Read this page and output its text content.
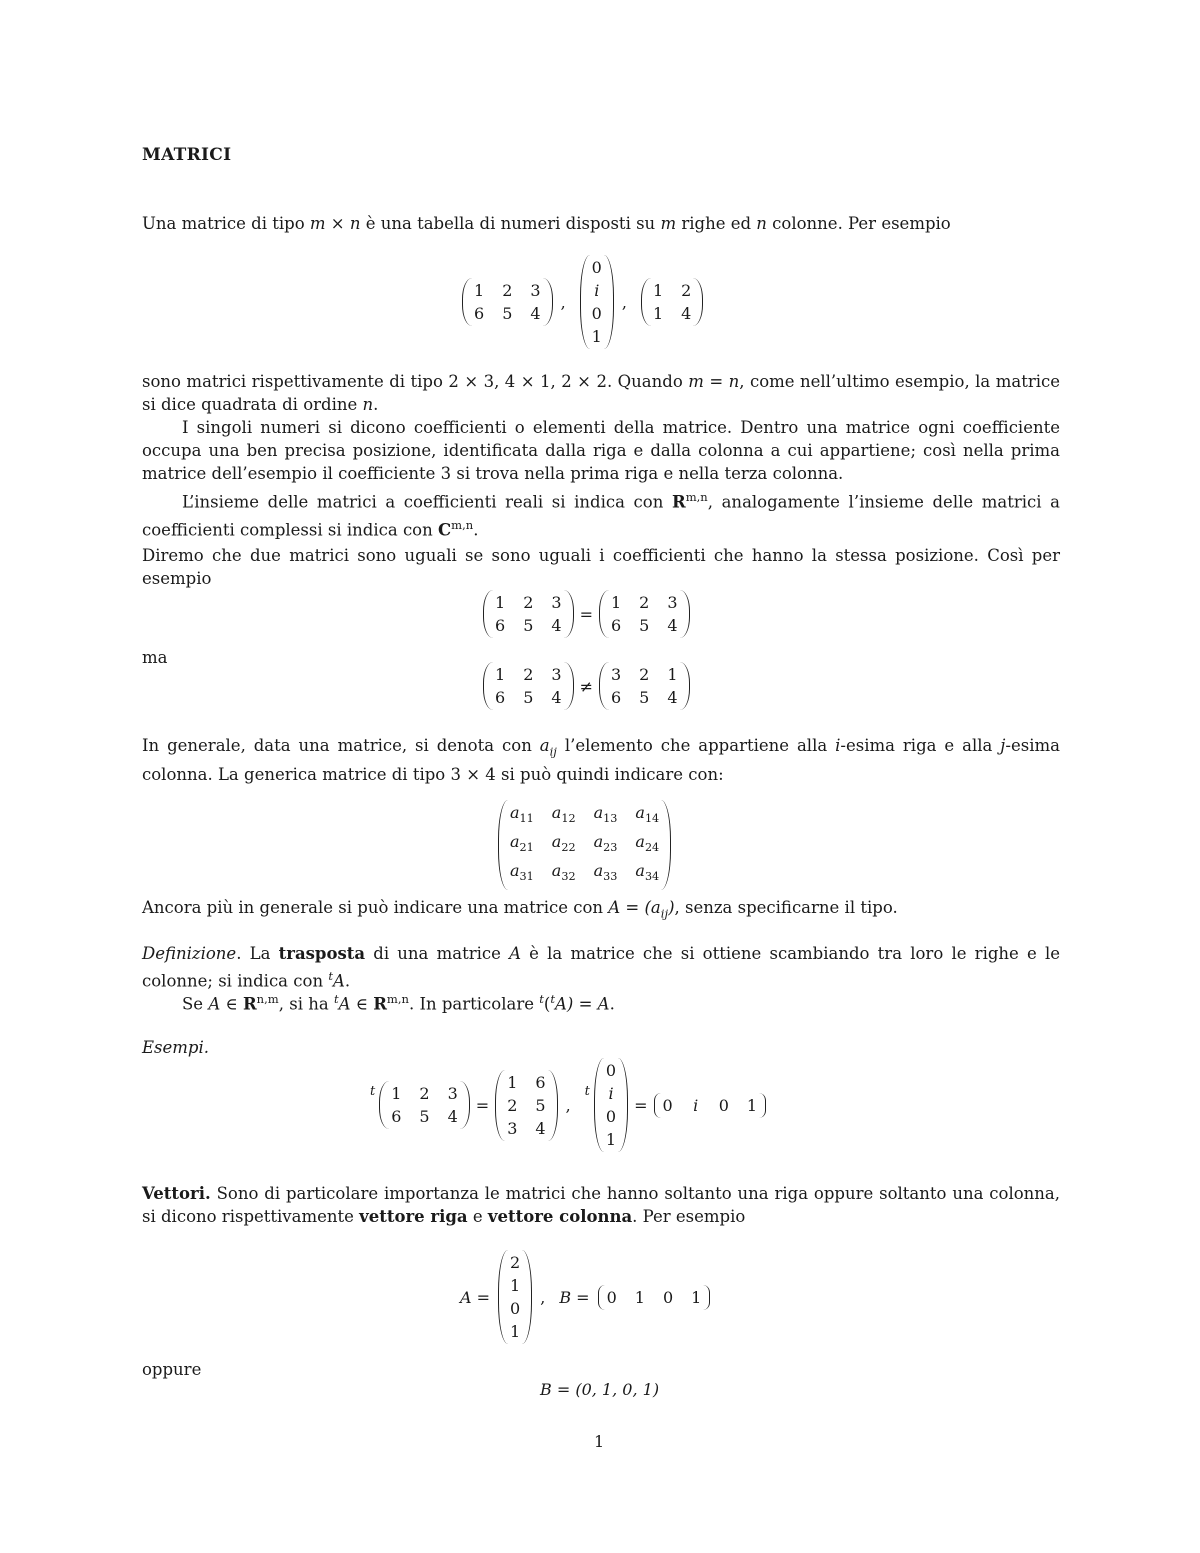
MATRICI
Una matrice di tipo m × n è una tabella di numeri disposti su m righe ed n colonne. Per esempio
1 2 3
6 5 4
,
0
i
0
1
,
1 2
1 4
sono matrici rispettivamente di tipo 2 × 3, 4 × 1, 2 × 2. Quando m = n, come nell’ultimo esempio, la matrice si dice quadrata di ordine n.
I singoli numeri si dicono coefficienti o elementi della matrice. Dentro una matrice ogni coefficiente occupa una ben precisa posizione, identificata dalla riga e dalla colonna a cui appartiene; così nella prima matrice dell’esempio il coefficiente 3 si trova nella prima riga e nella terza colonna.
L’insieme delle matrici a coefficienti reali si indica con R$^{m,n}$, analogamente l’insieme delle matrici a coefficienti complessi si indica con C$^{m,n}$.
Diremo che due matrici sono uguali se sono uguali i coefficienti che hanno la stessa posizione. Così per esempio
1 2 3
6 5 4
=
1 2 3
6 5 4
ma
1 2 3
6 5 4
≠
3 2 1
6 5 4
In generale, data una matrice, si denota con $a_{ij}$ l’elemento che appartiene alla i-esima riga e alla j-esima colonna. La generica matrice di tipo 3 × 4 si può quindi indicare con:
$a_{11}$ $a_{12}$ $a_{13}$ $a_{14}$
$a_{21}$ $a_{22}$ $a_{23}$ $a_{24}$
$a_{31}$ $a_{32}$ $a_{33}$ $a_{34}$
Ancora più in generale si può indicare una matrice con $A = (a_{ij})$, senza specificarne il tipo.
Definizione. La trasposta di una matrice A è la matrice che si ottiene scambiando tra loro le righe e le colonne; si indica con $^t$A.
Se A ∈ R$^{n,m}$, si ha $^t$A ∈ R$^{m,n}$. In particolare $^t$($^t$A) = A.
Esempi.
t 1 2 3
6 5 4
=
1 6
2 5
3 4
,
t
0
i
0
1
= 0 i 0 1
Vettori. Sono di particolare importanza le matrici che hanno soltanto una riga oppure soltanto una colonna, si dicono rispettivamente vettore riga e vettore colonna. Per esempio
A =
2
1
0
1
, B = 0 1 0 1
oppure
B = (0, 1, 0, 1)
1
